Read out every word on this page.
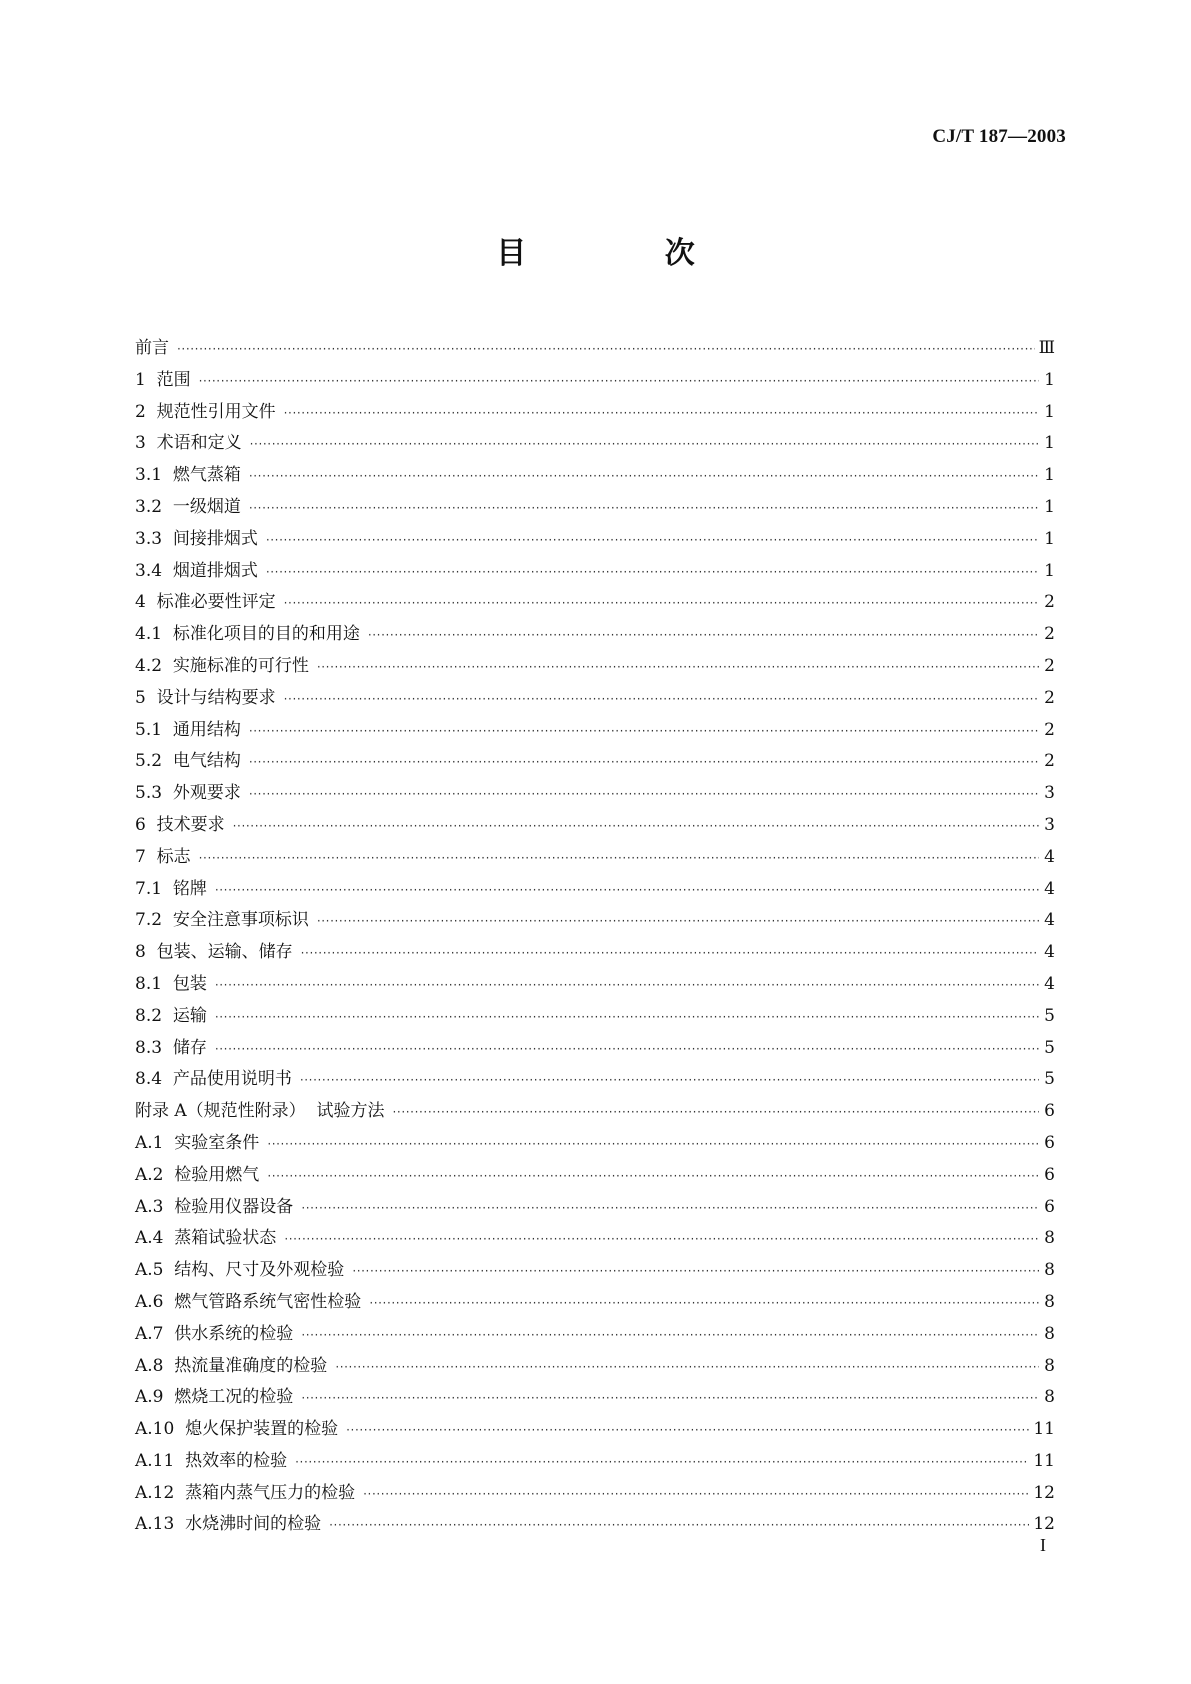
CJ/T 187—2003
目 次
前言 ·····	Ⅲ
1  范围 ·····	1
2  规范性引用文件 ·····	1
3  术语和定义 ·····	1
3.1  燃气蒸箱 ·····	1
3.2  一级烟道 ·····	1
3.3  间接排烟式 ·····	1
3.4  烟道排烟式 ·····	1
4  标准必要性评定 ·····	2
4.1  标准化项目的目的和用途 ·····	2
4.2  实施标准的可行性 ·····	2
5  设计与结构要求 ·····	2
5.1  通用结构 ·····	2
5.2  电气结构 ·····	2
5.3  外观要求 ·····	3
6  技术要求 ·····	3
7  标志 ·····	4
7.1  铭牌 ·····	4
7.2  安全注意事项标识 ·····	4
8  包装、运输、储存 ·····	4
8.1  包装 ·····	4
8.2  运输 ·····	5
8.3  储存 ·····	5
8.4  产品使用说明书 ·····	5
附录 A（规范性附录）  试验方法 ·····	6
A.1  实验室条件 ·····	6
A.2  检验用燃气 ·····	6
A.3  检验用仪器设备 ·····	6
A.4  蒸箱试验状态 ·····	8
A.5  结构、尺寸及外观检验 ·····	8
A.6  燃气管路系统气密性检验 ·····	8
A.7  供水系统的检验 ·····	8
A.8  热流量准确度的检验 ·····	8
A.9  燃烧工况的检验 ·····	8
A.10  熄火保护装置的检验 ·····	11
A.11  热效率的检验 ·····	11
A.12  蒸箱内蒸气压力的检验 ·····	12
A.13  水烧沸时间的检验 ·····	12
I
